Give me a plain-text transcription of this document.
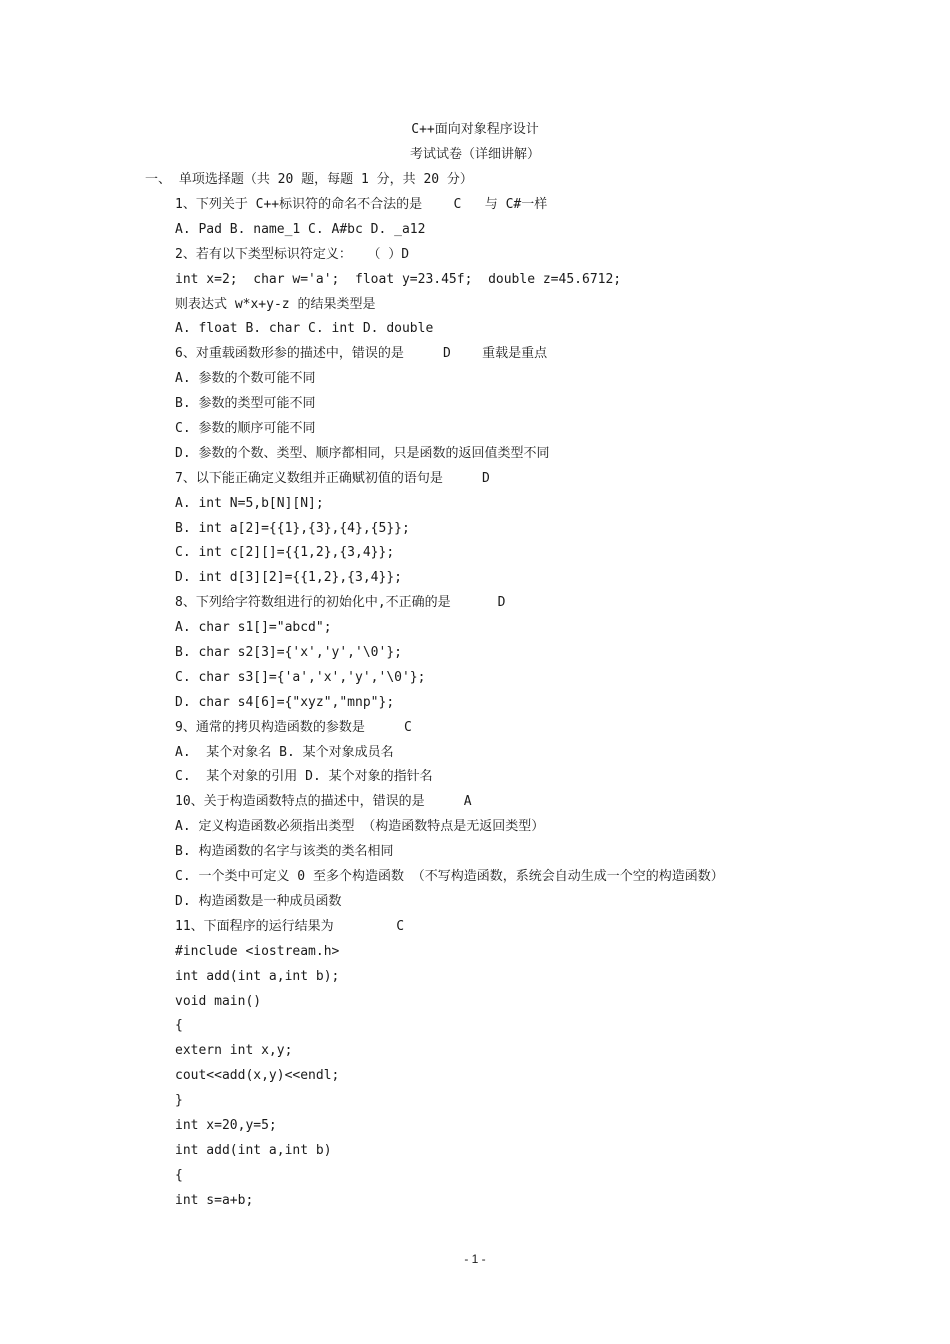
C++面向对象程序设计
考试试卷（详细讲解）
一、 单项选择题（共 20 题，每题 1 分，共 20 分）
1、下列关于 C++标识符的命名不合法的是    C   与 C#一样
A. Pad B. name_1 C. A#bc D. _a12
2、若有以下类型标识符定义：  （ ）D
int x=2;  char w='a';  float y=23.45f;  double z=45.6712;
则表达式 w*x+y-z 的结果类型是
A. float B. char C. int D. double
6、对重载函数形参的描述中，错误的是     D    重载是重点
A. 参数的个数可能不同
B. 参数的类型可能不同
C. 参数的顺序可能不同
D. 参数的个数、类型、顺序都相同，只是函数的返回值类型不同
7、以下能正确定义数组并正确赋初值的语句是     D
A. int N=5,b[N][N];
B. int a[2]={{1},{3},{4},{5}};
C. int c[2][]={{1,2},{3,4}};
D. int d[3][2]={{1,2},{3,4}};
8、下列给字符数组进行的初始化中,不正确的是      D
A. char s1[]="abcd";
B. char s2[3]={'x','y','\0'};
C. char s3[]={'a','x','y','\0'};
D. char s4[6]={"xyz","mnp"};
9、通常的拷贝构造函数的参数是     C
A.  某个对象名 B. 某个对象成员名
C.  某个对象的引用 D. 某个对象的指针名
10、关于构造函数特点的描述中，错误的是     A
A. 定义构造函数必须指出类型 （构造函数特点是无返回类型）
B. 构造函数的名字与该类的类名相同
C. 一个类中可定义 0 至多个构造函数 （不写构造函数，系统会自动生成一个空的构造函数）
D. 构造函数是一种成员函数
11、下面程序的运行结果为        C
#include <iostream.h>
int add(int a,int b);
void main()
{
extern int x,y;
cout<<add(x,y)<<endl;
}
int x=20,y=5;
int add(int a,int b)
{
int s=a+b;
- 1 -
